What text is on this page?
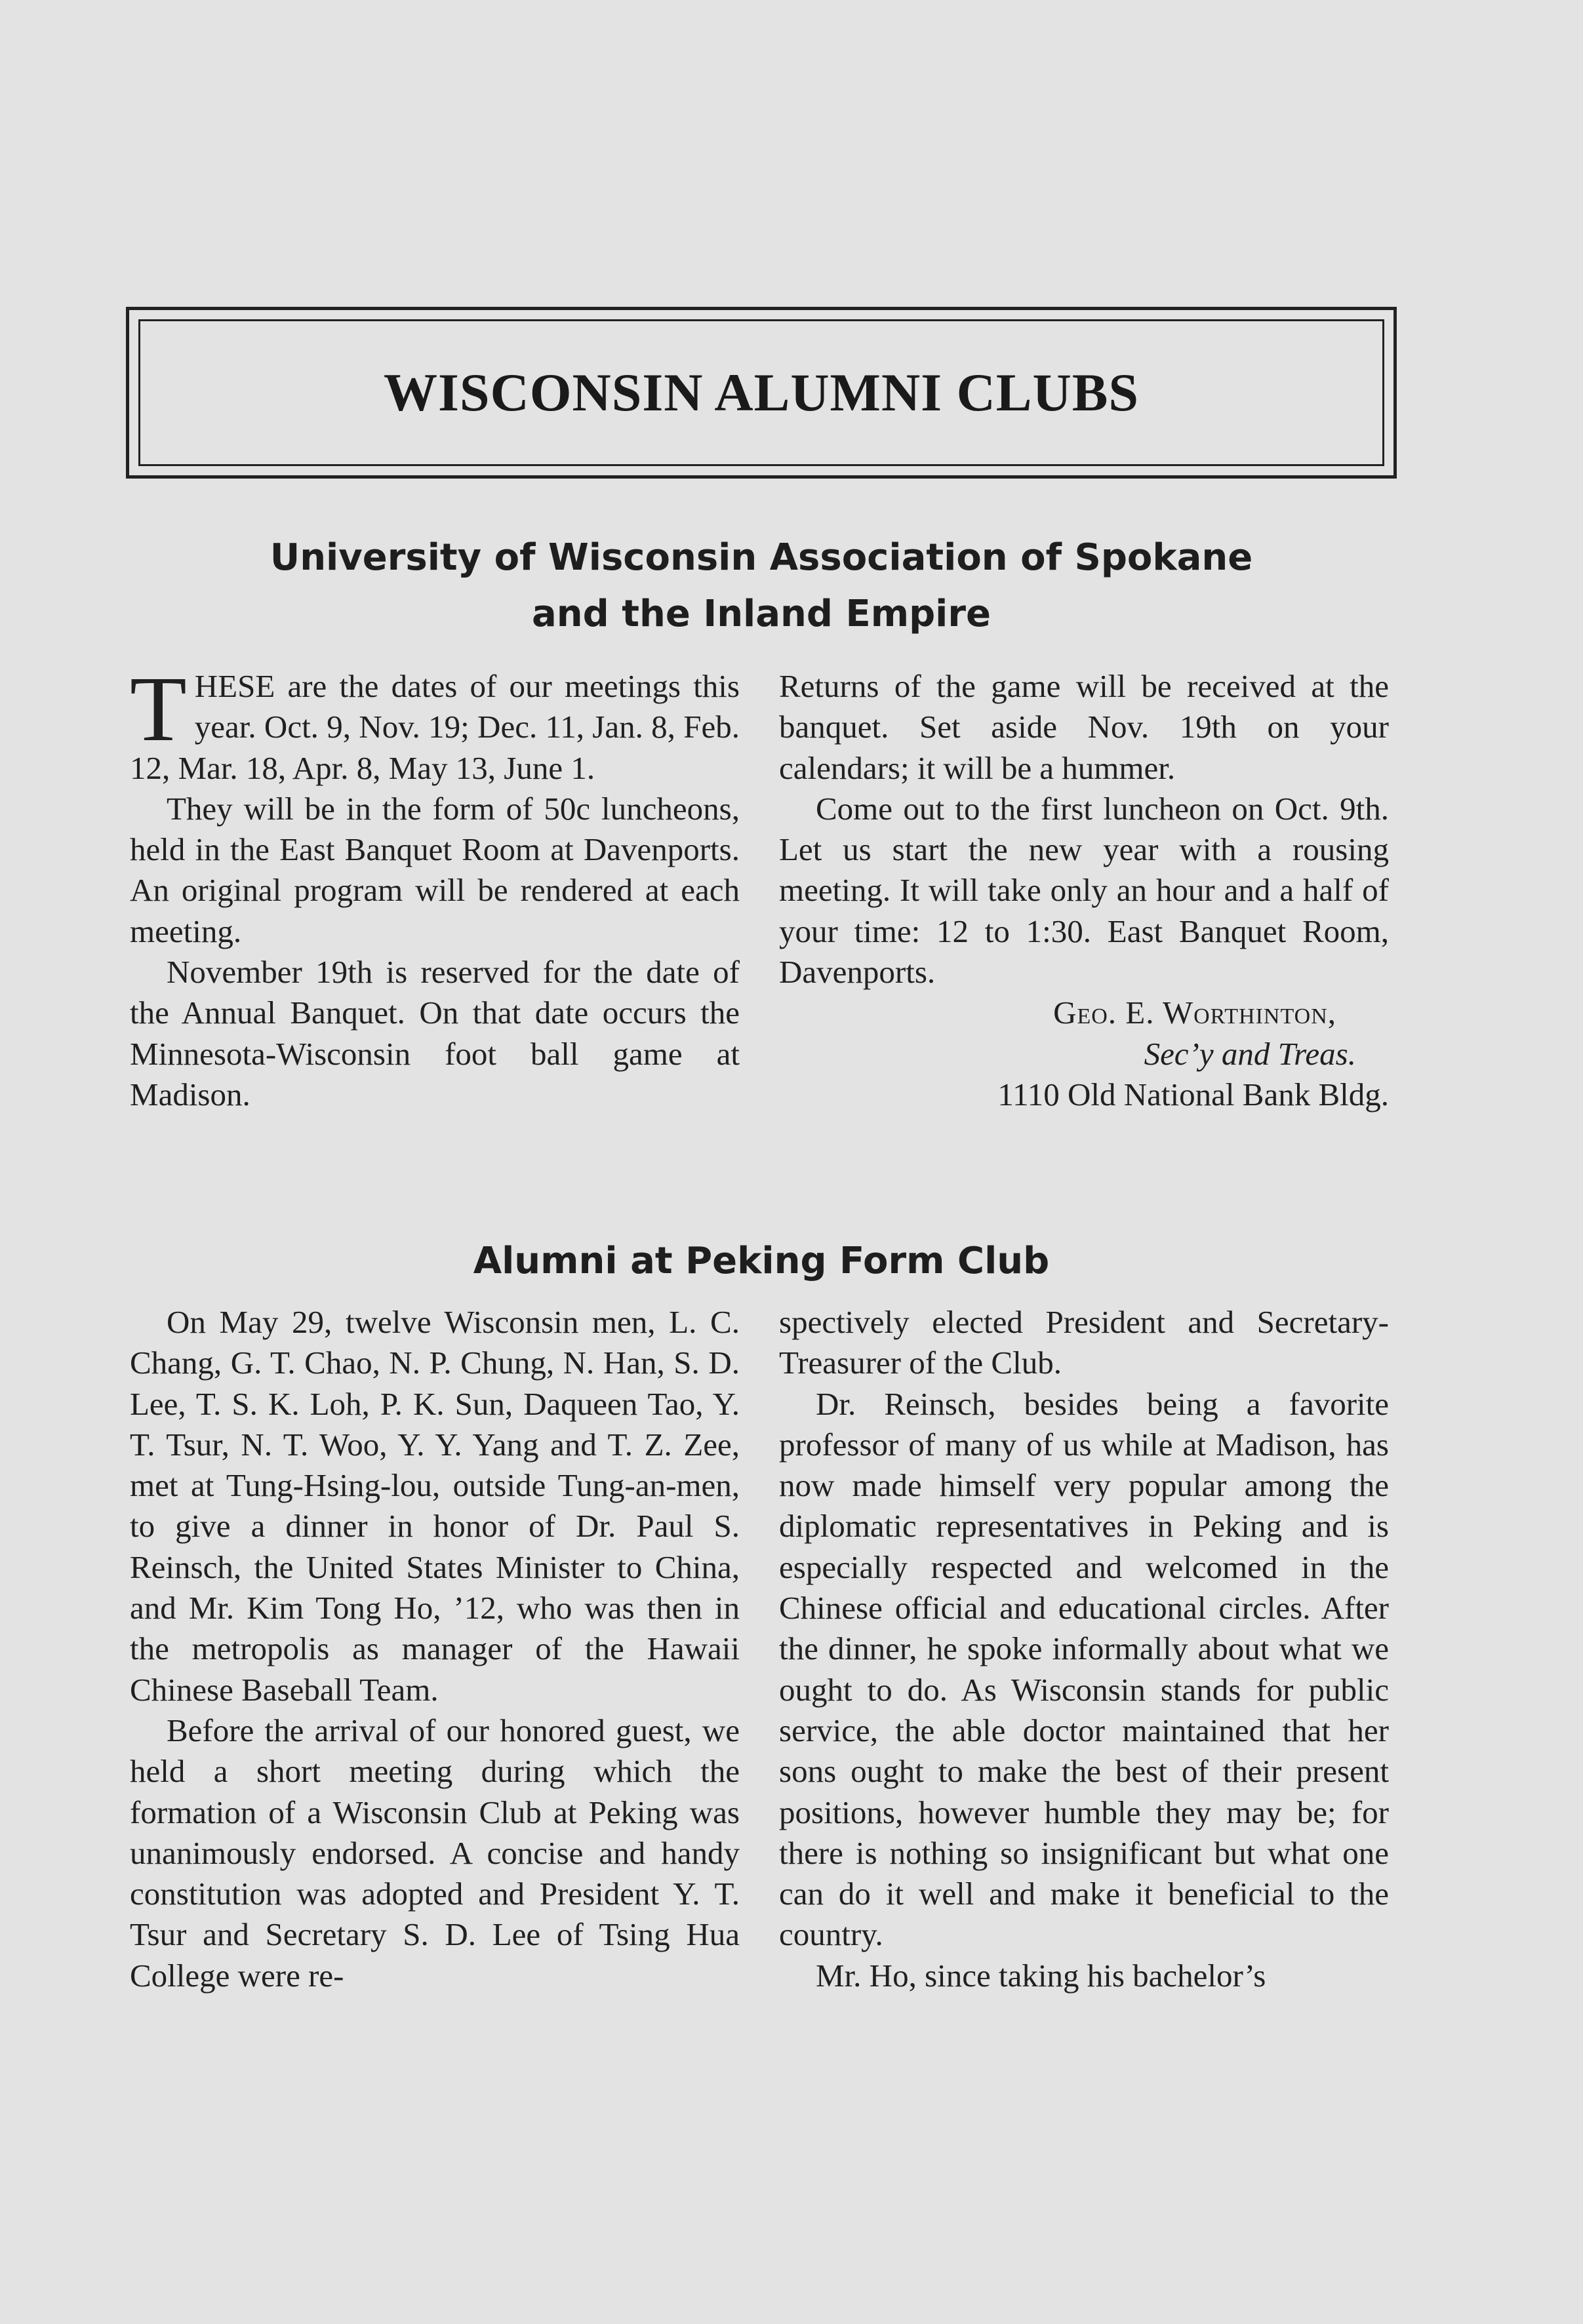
WISCONSIN ALUMNI CLUBS
University of Wisconsin Association of Spokane
and the Inland Empire

THESE are the dates of our meetings this year. Oct. 9, Nov. 19; Dec. 11, Jan. 8, Feb. 12, Mar. 18, Apr. 8, May 13, June 1.

They will be in the form of 50c luncheons, held in the East Banquet Room at Davenports. An original program will be rendered at each meeting.

November 19th is reserved for the date of the Annual Banquet. On that date occurs the Minnesota-Wisconsin foot ball game at Madison.

Returns of the game will be received at the banquet. Set aside Nov. 19th on your calendars; it will be a hummer.

Come out to the first luncheon on Oct. 9th. Let us start the new year with a rousing meeting. It will take only an hour and a half of your time: 12 to 1:30. East Banquet Room, Davenports.

Geo. E. Worthinton,

Sec’y and Treas.

1110 Old National Bank Bldg.

Alumni at Peking Form Club

On May 29, twelve Wisconsin men, L. C. Chang, G. T. Chao, N. P. Chung, N. Han, S. D. Lee, T. S. K. Loh, P. K. Sun, Daqueen Tao, Y. T. Tsur, N. T. Woo, Y. Y. Yang and T. Z. Zee, met at Tung-Hsing-lou, outside Tung-an-men, to give a dinner in honor of Dr. Paul S. Reinsch, the United States Minister to China, and Mr. Kim Tong Ho, ’12, who was then in the metropolis as manager of the Hawaii Chinese Baseball Team.

Before the arrival of our honored guest, we held a short meeting during which the formation of a Wisconsin Club at Peking was unanimously endorsed. A concise and handy constitution was adopted and President Y. T. Tsur and Secretary S. D. Lee of Tsing Hua College were re-

spectively elected President and Secretary-Treasurer of the Club.

Dr. Reinsch, besides being a favorite professor of many of us while at Madison, has now made himself very popular among the diplomatic representatives in Peking and is especially respected and welcomed in the Chinese official and educational circles. After the dinner, he spoke informally about what we ought to do. As Wisconsin stands for public service, the able doctor maintained that her sons ought to make the best of their present positions, however humble they may be; for there is nothing so insignificant but what one can do it well and make it beneficial to the country.

Mr. Ho, since taking his bachelor’s
